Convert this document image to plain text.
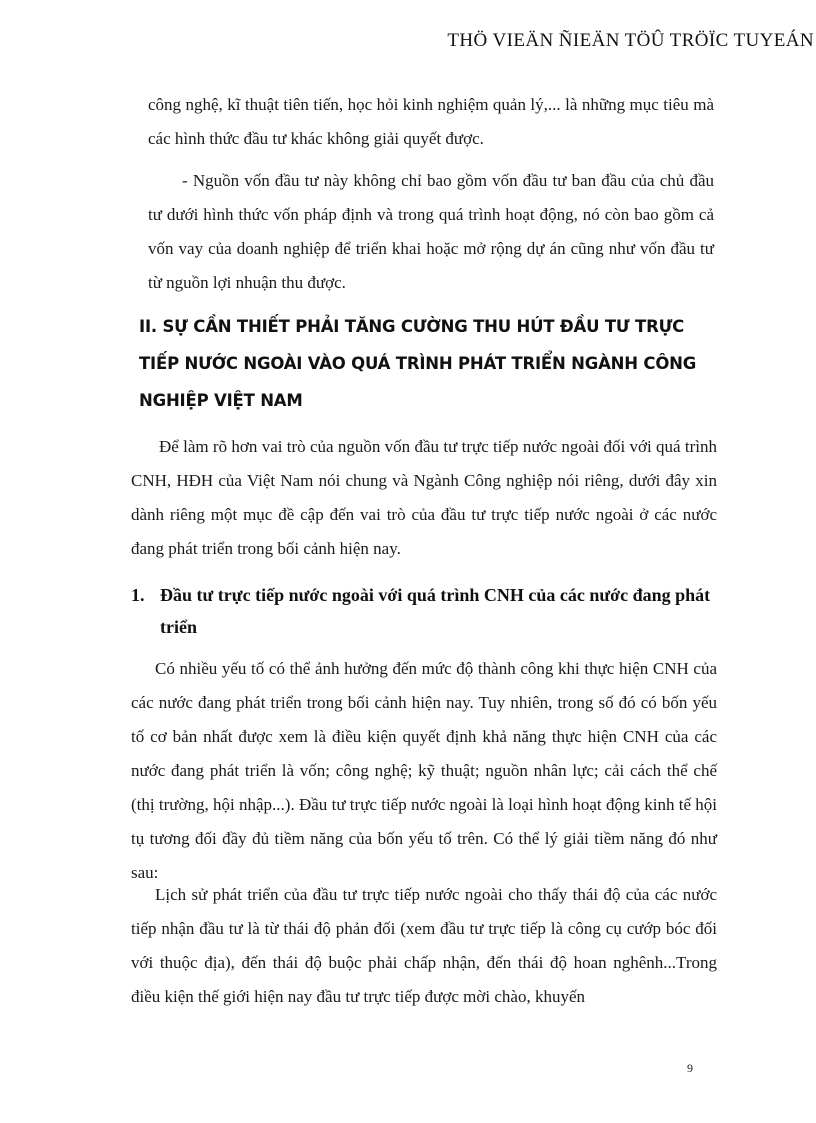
THÖ VIEÄN ÑIEÄN TÖÛ TRÖÏC TUYEÁN

công nghệ, kĩ thuật tiên tiến, học hỏi kinh nghiệm quản lý,... là những mục tiêu mà các hình thức đầu tư khác không giải quyết được.

- Nguồn vốn đầu tư này không chỉ bao gồm vốn đầu tư ban đầu của chủ đầu tư dưới hình thức vốn pháp định và trong quá trình hoạt động, nó còn bao gồm cả vốn vay của doanh nghiệp để triển khai hoặc mở rộng dự án cũng như vốn đầu tư từ nguồn lợi nhuận thu được.

II. SỰ CẦN THIẾT PHẢI TĂNG CƯỜNG THU HÚT ĐẦU TƯ TRỰC TIẾP NƯỚC NGOÀI VÀO QUÁ TRÌNH PHÁT TRIỂN NGÀNH CÔNG NGHIỆP VIỆT NAM

Để làm rõ hơn vai trò của nguồn vốn đầu tư trực tiếp nước ngoài đối với quá trình CNH, HĐH của Việt Nam nói chung và Ngành Công nghiệp nói riêng, dưới đây xin dành riêng một mục đề cập đến vai trò của đầu tư trực tiếp nước ngoài ở các nước đang phát triển trong bối cảnh hiện nay.

1. Đầu tư trực tiếp nước ngoài với quá trình CNH của các nước đang phát triển

Có nhiều yếu tố có thể ảnh hưởng đến mức độ thành công khi thực hiện CNH của các nước đang phát triển trong bối cảnh hiện nay. Tuy nhiên, trong số đó có bốn yếu tố cơ bản nhất được xem là điều kiện quyết định khả năng thực hiện CNH của các nước đang phát triển là vốn; công nghệ; kỹ thuật; nguồn nhân lực; cải cách thể chế (thị trường, hội nhập...). Đầu tư trực tiếp nước ngoài là loại hình hoạt động kinh tế hội tụ tương đối đầy đủ tiềm năng của bốn yếu tố trên. Có thể lý giải tiềm năng đó như sau:

Lịch sử phát triển của đầu tư trực tiếp nước ngoài cho thấy thái độ của các nước tiếp nhận đầu tư là từ thái độ phản đối (xem đầu tư trực tiếp là công cụ cướp bóc đối với thuộc địa), đến thái độ buộc phải chấp nhận, đến thái độ hoan nghênh...Trong điều kiện thế giới hiện nay đầu tư trực tiếp được mời chào, khuyến

9
